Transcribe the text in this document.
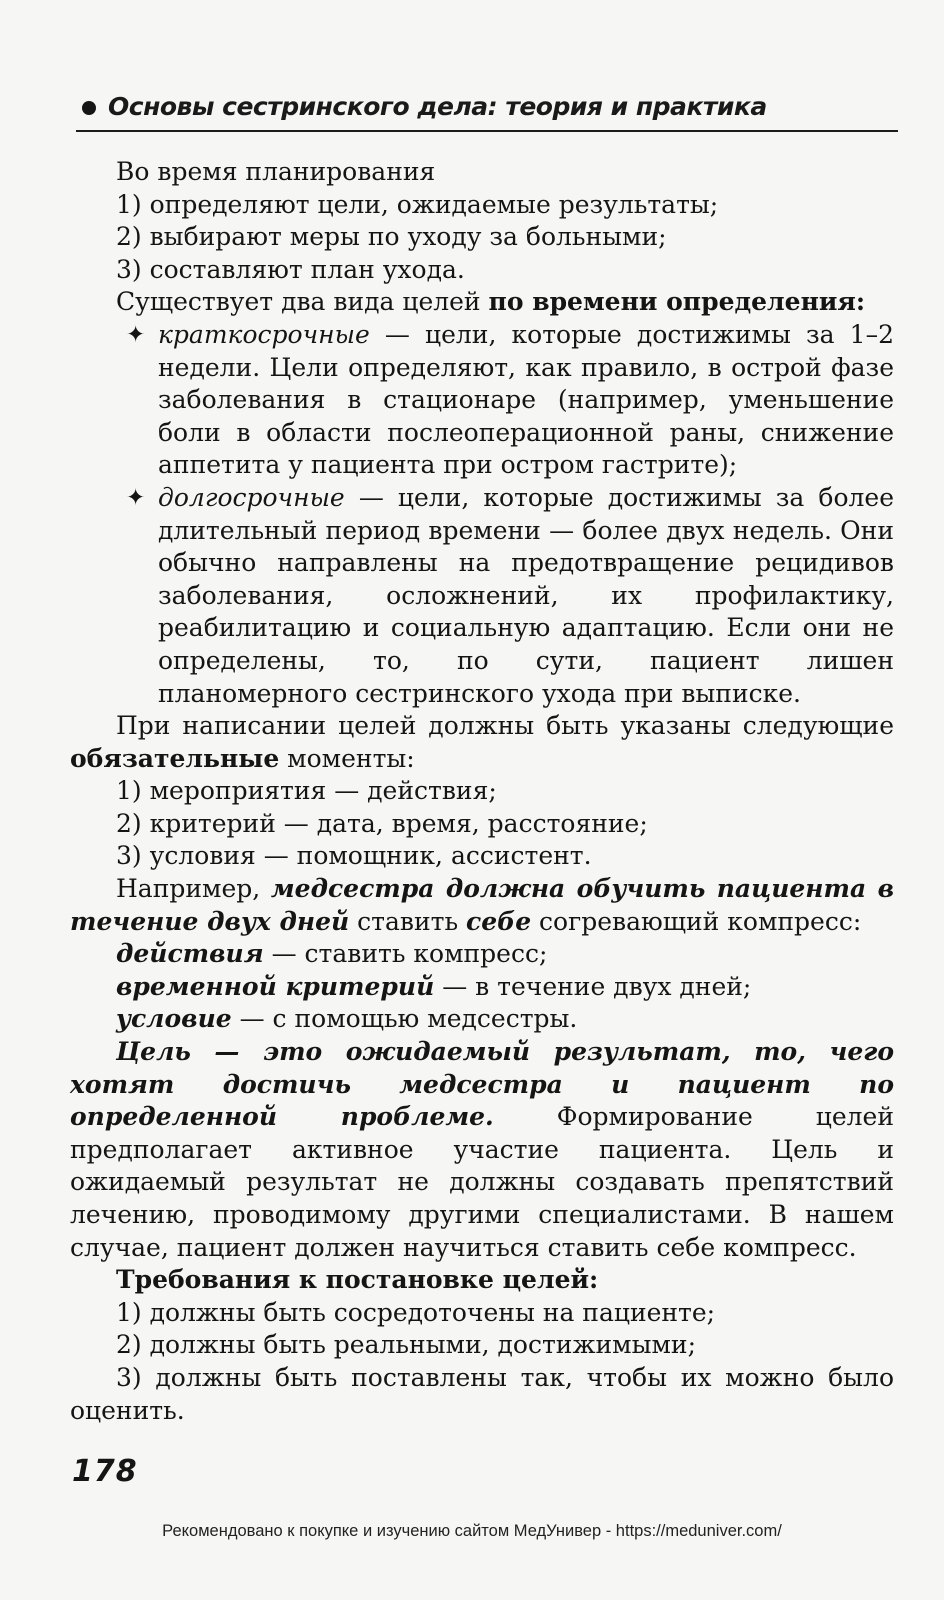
Основы сестринского дела: теория и практика

Во время планирования

1) определяют цели, ожидаемые результаты;

2) выбирают меры по уходу за больными;

3) составляют план ухода.

Существует два вида целей по времени определения:

✦ краткосрочные — цели, которые достижимы за 1–2 недели. Цели определяют, как правило, в острой фазе заболевания в стационаре (например, уменьшение боли в области послеоперационной раны, снижение аппетита у пациента при остром гастрите);

✦ долгосрочные — цели, которые достижимы за более длительный период времени — более двух недель. Они обычно направлены на предотвращение рецидивов заболевания, осложнений, их профилактику, реабилитацию и социальную адаптацию. Если они не определены, то, по сути, пациент лишен планомерного сестринского ухода при выписке.

При написании целей должны быть указаны следующие обязательные моменты:

1) мероприятия — действия;

2) критерий — дата, время, расстояние;

3) условия — помощник, ассистент.

Например, медсестра должна обучить пациента в течение двух дней ставить себе согревающий компресс:

действия — ставить компресс;

временной критерий — в течение двух дней;

условие — с помощью медсестры.

Цель — это ожидаемый результат, то, чего хотят достичь медсестра и пациент по определенной проблеме. Формирование целей предполагает активное участие пациента. Цель и ожидаемый результат не должны создавать препятствий лечению, проводимому другими специалистами. В нашем случае, пациент должен научиться ставить себе компресс.

Требования к постановке целей:

1) должны быть сосредоточены на пациенте;

2) должны быть реальными, достижимыми;

3) должны быть поставлены так, чтобы их можно было оценить.

178
Рекомендовано к покупке и изучению сайтом МедУнивер - https://meduniver.com/
